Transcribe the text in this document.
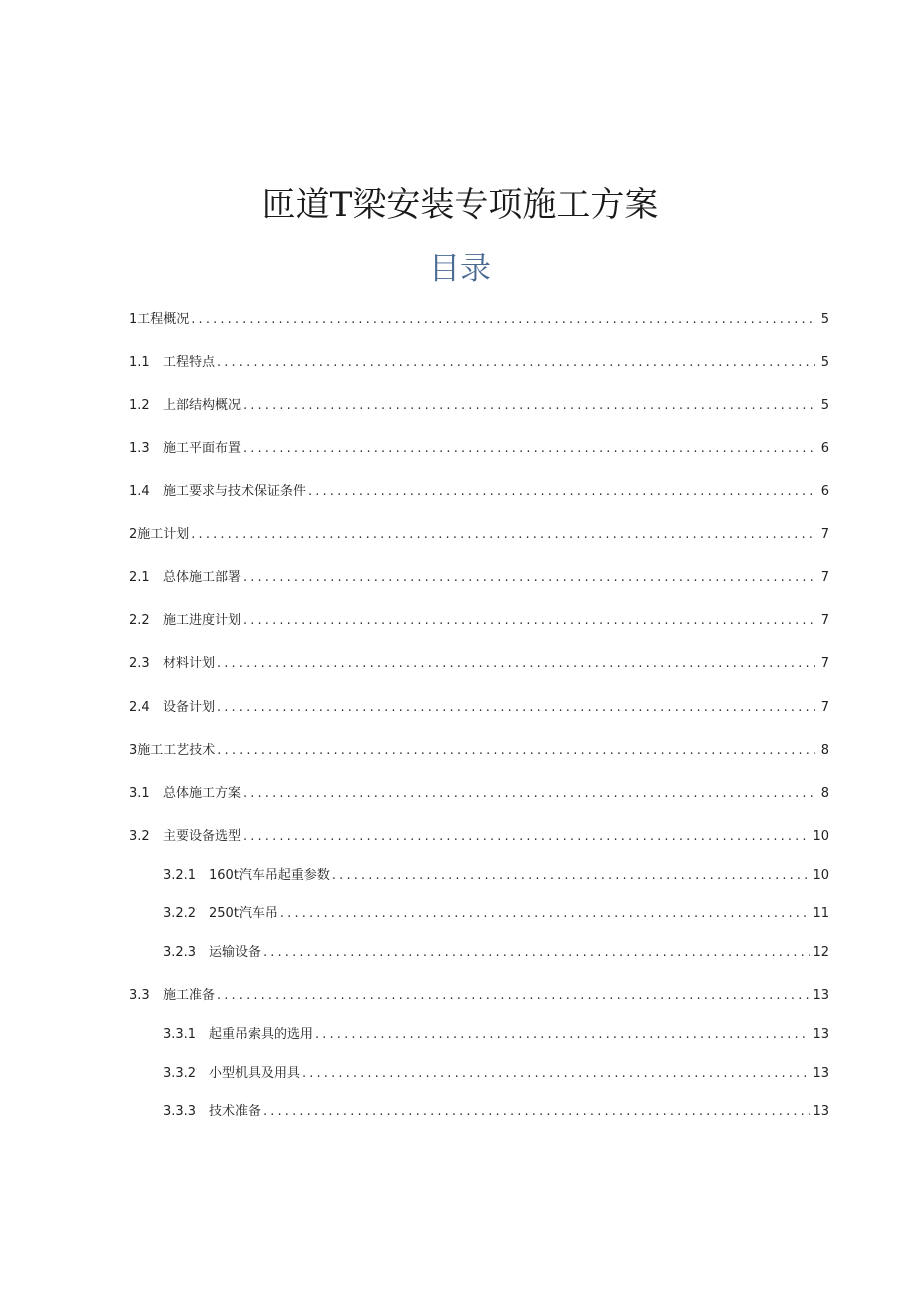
匝道T梁安装专项施工方案
目录
1 工程概况 . . .	5
1.1	工程特点 . . .	5
1.2	上部结构概况 . . .	5
1.3	施工平面布置 . . .	6
1.4	施工要求与技术保证条件 . . .	6
2 施工计划 . . .	7
2.1	总体施工部署 . . .	7
2.2	施工进度计划 . . .	7
2.3	材料计划 . . .	7
2.4	设备计划 . . .	7
3 施工工艺技术 . . .	8
3.1	总体施工方案 . . .	8
3.2	主要设备选型 . . .	10
3.2.1 160t汽车吊起重参数 . . .	10
3.2.2 250t汽车吊 . . .	11
3.2.3 运输设备 . . .	12
3.3	施工准备 . . .	13
3.3.1 起重吊索具的选用 . . .	13
3.3.2 小型机具及用具 . . .	13
3.3.3 技术准备 . . .	13
